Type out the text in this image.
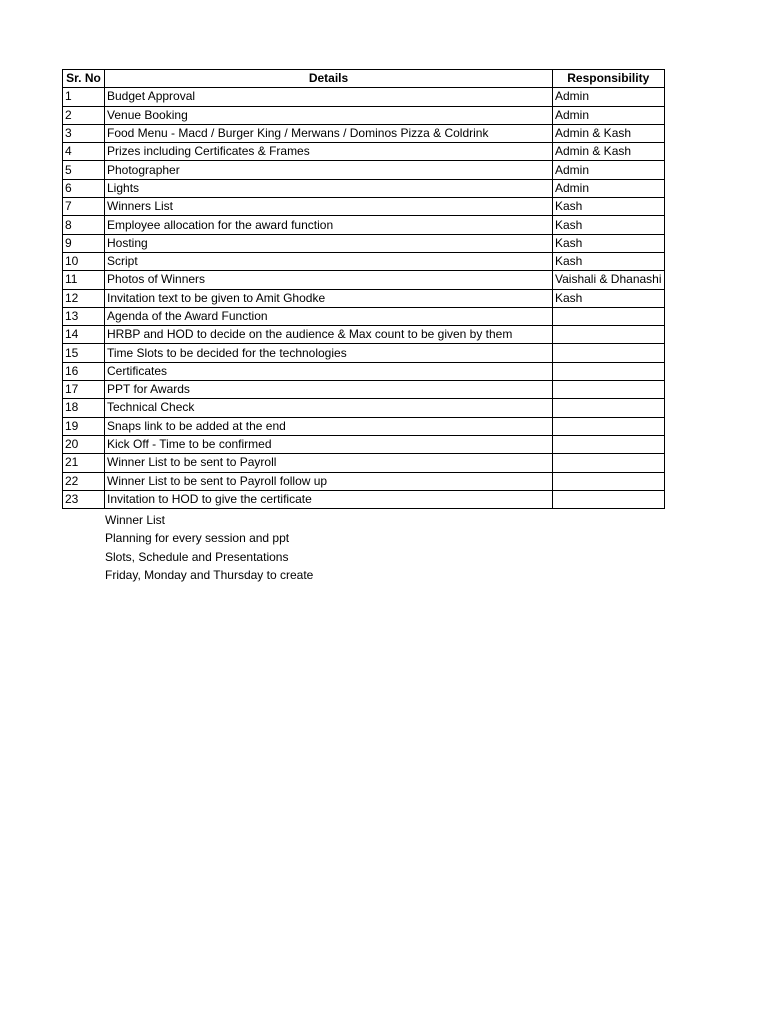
Sr. No	Details	Responsibility
1	Budget Approval	Admin
2	Venue Booking	Admin
3	Food Menu - Macd / Burger King / Merwans / Dominos Pizza & Coldrink	Admin & Kash
4	Prizes including Certificates & Frames	Admin & Kash
5	Photographer	Admin
6	Lights	Admin
7	Winners List	Kash
8	Employee allocation for the award function	Kash
9	Hosting	Kash
10	Script	Kash
11	Photos of Winners	Vaishali & Dhanashi
12	Invitation text to be given to Amit Ghodke	Kash
13	Agenda of the Award Function	
14	HRBP and HOD to decide on the audience & Max count to be given by them	
15	Time Slots to be decided for the technologies	
16	Certificates	
17	PPT for Awards	
18	Technical Check	
19	Snaps link to be added at the end	
20	Kick Off - Time to be confirmed	
21	Winner List to be sent to Payroll	
22	Winner List to be sent to Payroll follow up	
23	Invitation to HOD to give the certificate	
Winner List
Planning for every session and ppt
Slots, Schedule and Presentations
Friday, Monday and Thursday to create
